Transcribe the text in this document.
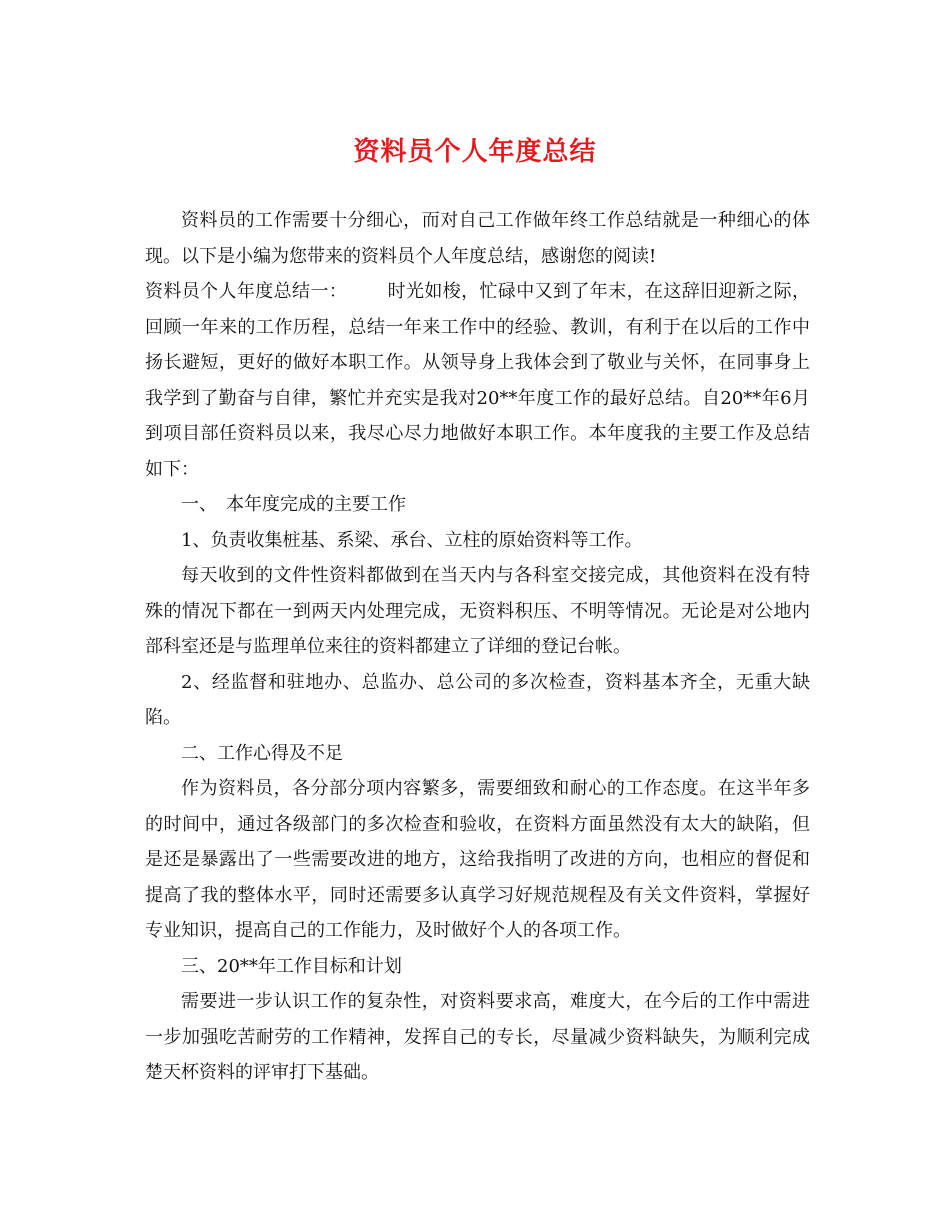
资料员个人年度总结

资料员的工作需要十分细心，而对自己工作做年终工作总结就是一种细心的体现。以下是小编为您带来的资料员个人年度总结，感谢您的阅读!

资料员个人年度总结一： 时光如梭，忙碌中又到了年末，在这辞旧迎新之际，回顾一年来的工作历程，总结一年来工作中的经验、教训，有利于在以后的工作中扬长避短，更好的做好本职工作。从领导身上我体会到了敬业与关怀，在同事身上我学到了勤奋与自律，繁忙并充实是我对20**年度工作的最好总结。自20**年6月到项目部任资料员以来，我尽心尽力地做好本职工作。本年度我的主要工作及总结如下：

一、　本年度完成的主要工作

1、负责收集桩基、系梁、承台、立柱的原始资料等工作。

每天收到的文件性资料都做到在当天内与各科室交接完成，其他资料在没有特殊的情况下都在一到两天内处理完成，无资料积压、不明等情况。无论是对公地内部科室还是与监理单位来往的资料都建立了详细的登记台帐。

2、经监督和驻地办、总监办、总公司的多次检查，资料基本齐全，无重大缺陷。

二、工作心得及不足

作为资料员，各分部分项内容繁多，需要细致和耐心的工作态度。在这半年多的时间中，通过各级部门的多次检查和验收，在资料方面虽然没有太大的缺陷，但是还是暴露出了一些需要改进的地方，这给我指明了改进的方向，也相应的督促和提高了我的整体水平，同时还需要多认真学习好规范规程及有关文件资料，掌握好专业知识，提高自己的工作能力，及时做好个人的各项工作。

三、20**年工作目标和计划

需要进一步认识工作的复杂性，对资料要求高，难度大，在今后的工作中需进一步加强吃苦耐劳的工作精神，发挥自己的专长，尽量减少资料缺失，为顺利完成楚天杯资料的评审打下基础。
